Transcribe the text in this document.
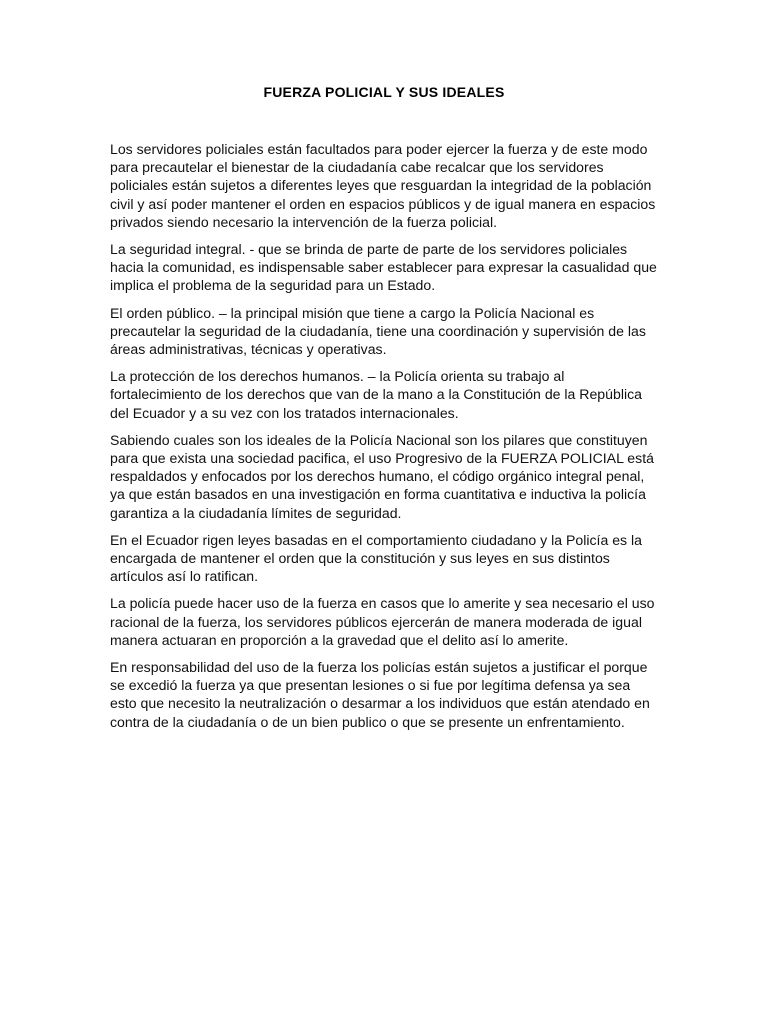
FUERZA POLICIAL Y SUS IDEALES

Los servidores policiales están facultados para poder ejercer la fuerza y de este modo para precautelar el bienestar de la ciudadanía cabe recalcar que los servidores policiales están sujetos a diferentes leyes que resguardan la integridad de la población civil y así poder mantener el orden en espacios públicos y de igual manera en espacios privados siendo necesario la intervención de la fuerza policial.

La seguridad integral. - que se brinda de parte de parte de los servidores policiales hacia la comunidad, es indispensable saber establecer para expresar la casualidad que implica el problema de la seguridad para un Estado.

El orden público. – la principal misión que tiene a cargo la Policía Nacional es precautelar la seguridad de la ciudadanía, tiene una coordinación y supervisión de las áreas administrativas, técnicas y operativas.

La protección de los derechos humanos. – la Policía orienta su trabajo al fortalecimiento de los derechos que van de la mano a la Constitución de la República del Ecuador y a su vez con los tratados internacionales.

Sabiendo cuales son los ideales de la Policía Nacional son los pilares que constituyen para que exista una sociedad pacifica, el uso Progresivo de la FUERZA POLICIAL está respaldados y enfocados por los derechos humano, el código orgánico integral penal, ya que están basados en una investigación en forma cuantitativa e inductiva la policía garantiza a la ciudadanía límites de seguridad.

En el Ecuador rigen leyes basadas en el comportamiento ciudadano y la Policía es la encargada de mantener el orden que la constitución y sus leyes en sus distintos artículos así lo ratifican.

La policía puede hacer uso de la fuerza en casos que lo amerite y sea necesario el uso racional de la fuerza, los servidores públicos ejercerán de manera moderada de igual manera actuaran en proporción a la gravedad que el delito así lo amerite.

En responsabilidad del uso de la fuerza los policías están sujetos a justificar el porque se excedió la fuerza ya que presentan lesiones o si fue por legítima defensa ya sea esto que necesito la neutralización o desarmar a los individuos que están atendado en contra de la ciudadanía o de un bien publico o que se presente un enfrentamiento.
